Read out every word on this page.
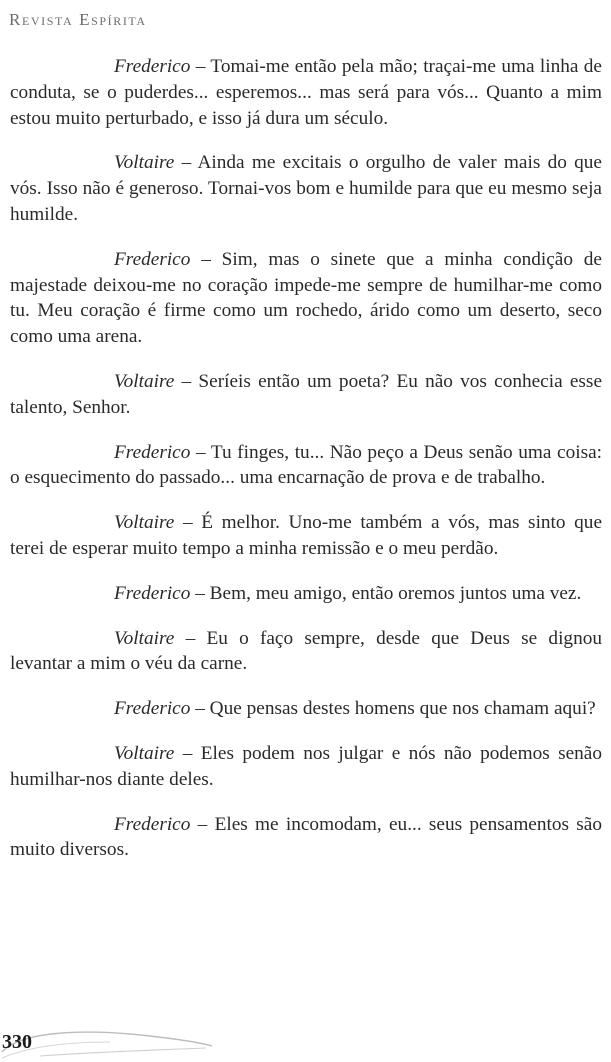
Revista Espírita

Frederico – Tomai-me então pela mão; traçai-me uma linha de conduta, se o puderdes... esperemos... mas será para vós... Quanto a mim estou muito perturbado, e isso já dura um século.

Voltaire – Ainda me excitais o orgulho de valer mais do que vós. Isso não é generoso. Tornai-vos bom e humilde para que eu mesmo seja humilde.

Frederico – Sim, mas o sinete que a minha condição de majestade deixou-me no coração impede-me sempre de humilhar-me como tu. Meu coração é firme como um rochedo, árido como um deserto, seco como uma arena.

Voltaire – Seríeis então um poeta? Eu não vos conhecia esse talento, Senhor.

Frederico – Tu finges, tu... Não peço a Deus senão uma coisa: o esquecimento do passado... uma encarnação de prova e de trabalho.

Voltaire – É melhor. Uno-me também a vós, mas sinto que terei de esperar muito tempo a minha remissão e o meu perdão.

Frederico – Bem, meu amigo, então oremos juntos uma vez.

Voltaire – Eu o faço sempre, desde que Deus se dignou levantar a mim o véu da carne.

Frederico – Que pensas destes homens que nos chamam aqui?

Voltaire – Eles podem nos julgar e nós não podemos senão humilhar-nos diante deles.

Frederico – Eles me incomodam, eu... seus pensamentos são muito diversos.

330
